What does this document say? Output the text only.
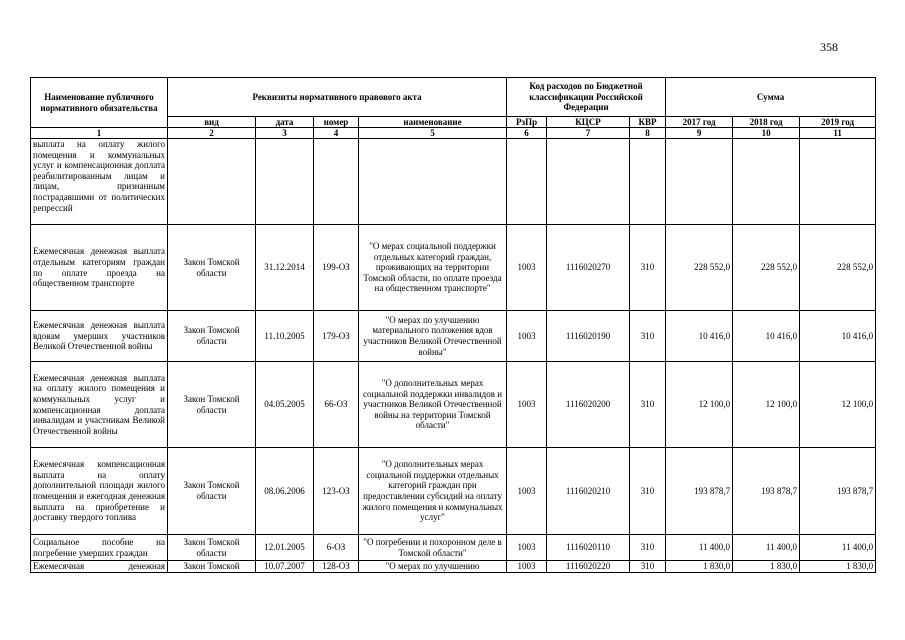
358
Наименование публичного нормативного обязательства	Реквизиты нормативного правового акта				Код расходов по Бюджетной классификации Российской Федерации			Сумма		
	вид	дата	номер	наименование	РзПр	КЦСР	КВР	2017 год	2018 год	2019 год
1	2	3	4	5	6	7	8	9	10	11
выплата на оплату жилого помещения и коммунальных услуг и компенсационная доплата реабилитированным лицам и лицам, признанным пострадавшими от политических репрессий										
Ежемесячная денежная выплата отдельным категориям граждан по оплате проезда на общественном транспорте	Закон Томской области	31.12.2014	199-ОЗ	"О мерах социальной поддержки отдельных категорий граждан, проживающих на территории Томской области, по оплате проезда на общественном транспорте"	1003	1116020270	310	228 552,0	228 552,0	228 552,0
Ежемесячная денежная выплата вдовам умерших участников Великой Отечественной войны	Закон Томской области	11.10.2005	179-ОЗ	"О мерах по улучшению материального положения вдов участников Великой Отечественной войны"	1003	1116020190	310	10 416,0	10 416,0	10 416,0
Ежемесячная денежная выплата на оплату жилого помещения и коммунальных услуг и компенсационная доплата инвалидам и участникам Великой Отечественной войны	Закон Томской области	04.05.2005	66-ОЗ	"О дополнительных мерах социальной поддержки инвалидов и участников Великой Отечественной войны на территории Томской области"	1003	1116020200	310	12 100,0	12 100,0	12 100,0
Ежемесячная компенсационная выплата на оплату дополнительной площади жилого помещения и ежегодная денежная выплата на приобретение и доставку твердого топлива	Закон Томской области	08.06.2006	123-ОЗ	"О дополнительных мерах социальной поддержки отдельных категорий граждан при предоставлении субсидий на оплату жилого помещения и коммунальных услуг"	1003	1116020210	310	193 878,7	193 878,7	193 878,7
Социальное пособие на погребение умерших граждан	Закон Томской области	12.01.2005	6-ОЗ	"О погребении и похоронном деле в Томской области"	1003	1116020110	310	11 400,0	11 400,0	11 400,0
Ежемесячная денежная	Закон Томской	10.07.2007	128-ОЗ	"О мерах по улучшению	1003	1116020220	310	1 830,0	1 830,0	1 830,0
